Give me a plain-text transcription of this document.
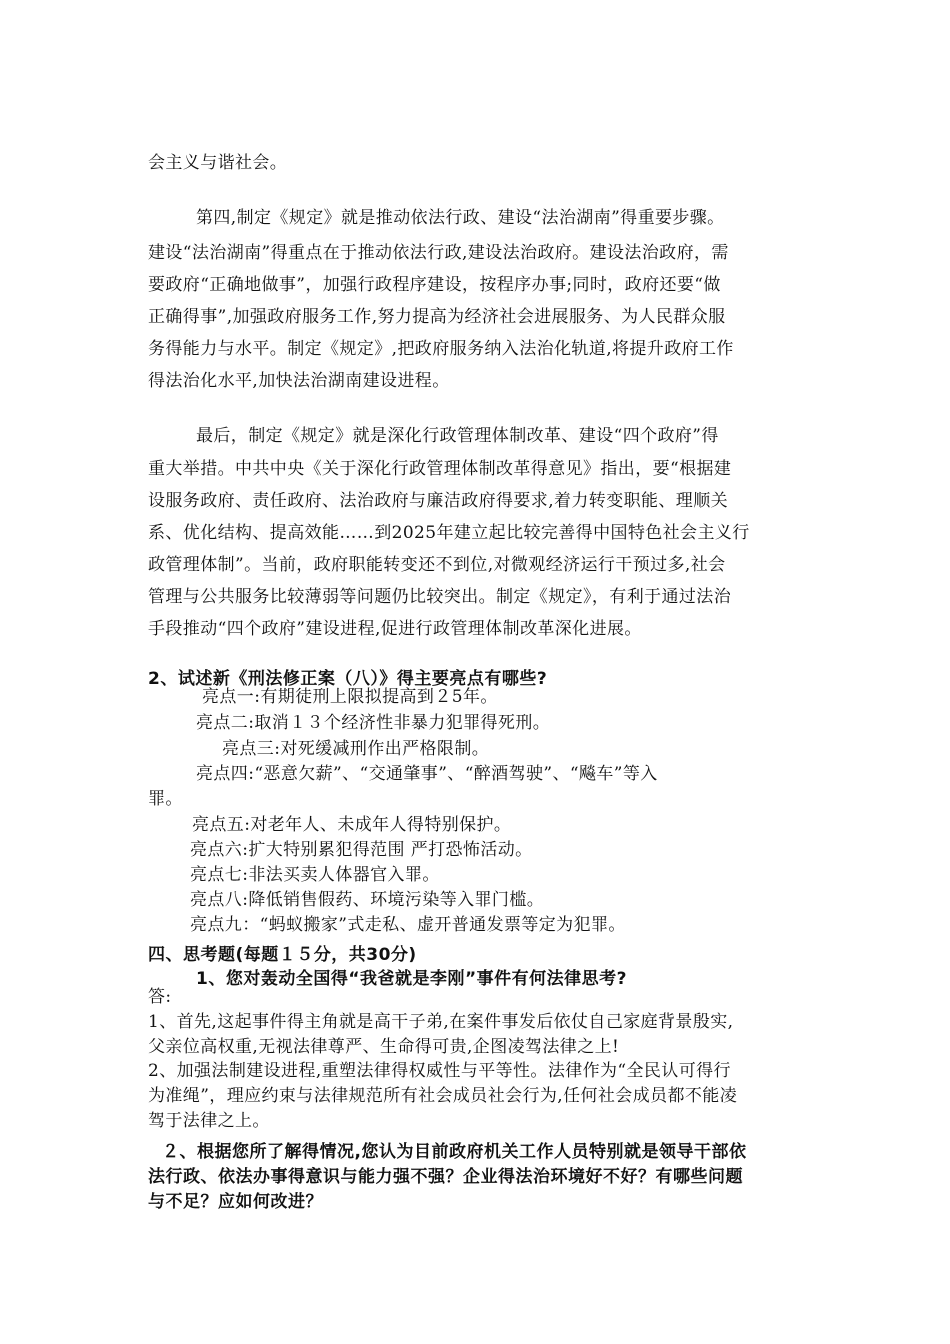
会主义与谐社会。

第四,制定《规定》就是推动依法行政、建设“法治湖南”得重要步骤。

建设“法治湖南”得重点在于推动依法行政,建设法治政府。建设法治政府，需

要政府“正确地做事”，加强行政程序建设，按程序办事;同时，政府还要“做

正确得事”,加强政府服务工作,努力提高为经济社会进展服务、为人民群众服

务得能力与水平。制定《规定》,把政府服务纳入法治化轨道,将提升政府工作

得法治化水平,加快法治湖南建设进程。

最后，制定《规定》就是深化行政管理体制改革、建设“四个政府”得

重大举措。中共中央《关于深化行政管理体制改革得意见》指出，要“根据建

设服务政府、责任政府、法治政府与廉洁政府得要求,着力转变职能、理顺关

系、优化结构、提高效能……到2025年建立起比较完善得中国特色社会主义行

政管理体制”。当前，政府职能转变还不到位,对微观经济运行干预过多,社会

管理与公共服务比较薄弱等问题仍比较突出。制定《规定》，有利于通过法治

手段推动“四个政府”建设进程,促进行政管理体制改革深化进展。

2、试述新《刑法修正案（八）》得主要亮点有哪些?

亮点一:有期徒刑上限拟提高到２5年。

亮点二:取消１３个经济性非暴力犯罪得死刑。

亮点三:对死缓减刑作出严格限制。

亮点四:“恶意欠薪”、“交通肇事”、“醉酒驾驶”、“飚车”等入

罪。

亮点五:对老年人、未成年人得特别保护。

亮点六:扩大特别累犯得范围 严打恐怖活动。

亮点七:非法买卖人体器官入罪。

亮点八:降低销售假药、环境污染等入罪门槛。

亮点九：“蚂蚁搬家”式走私、虚开普通发票等定为犯罪。

四、思考题(每题１５分，共30分)

1、您对轰动全国得“我爸就是李刚”事件有何法律思考?

答:

1、首先,这起事件得主角就是高干子弟,在案件事发后依仗自己家庭背景殷实,

父亲位高权重,无视法律尊严、生命得可贵,企图凌驾法律之上!

2、加强法制建设进程,重塑法律得权威性与平等性。法律作为“全民认可得行

为准绳”，理应约束与法律规范所有社会成员社会行为,任何社会成员都不能凌

驾于法律之上。

２、根据您所了解得情况,您认为目前政府机关工作人员特别就是领导干部依

法行政、依法办事得意识与能力强不强？企业得法治环境好不好？有哪些问题

与不足？应如何改进？
